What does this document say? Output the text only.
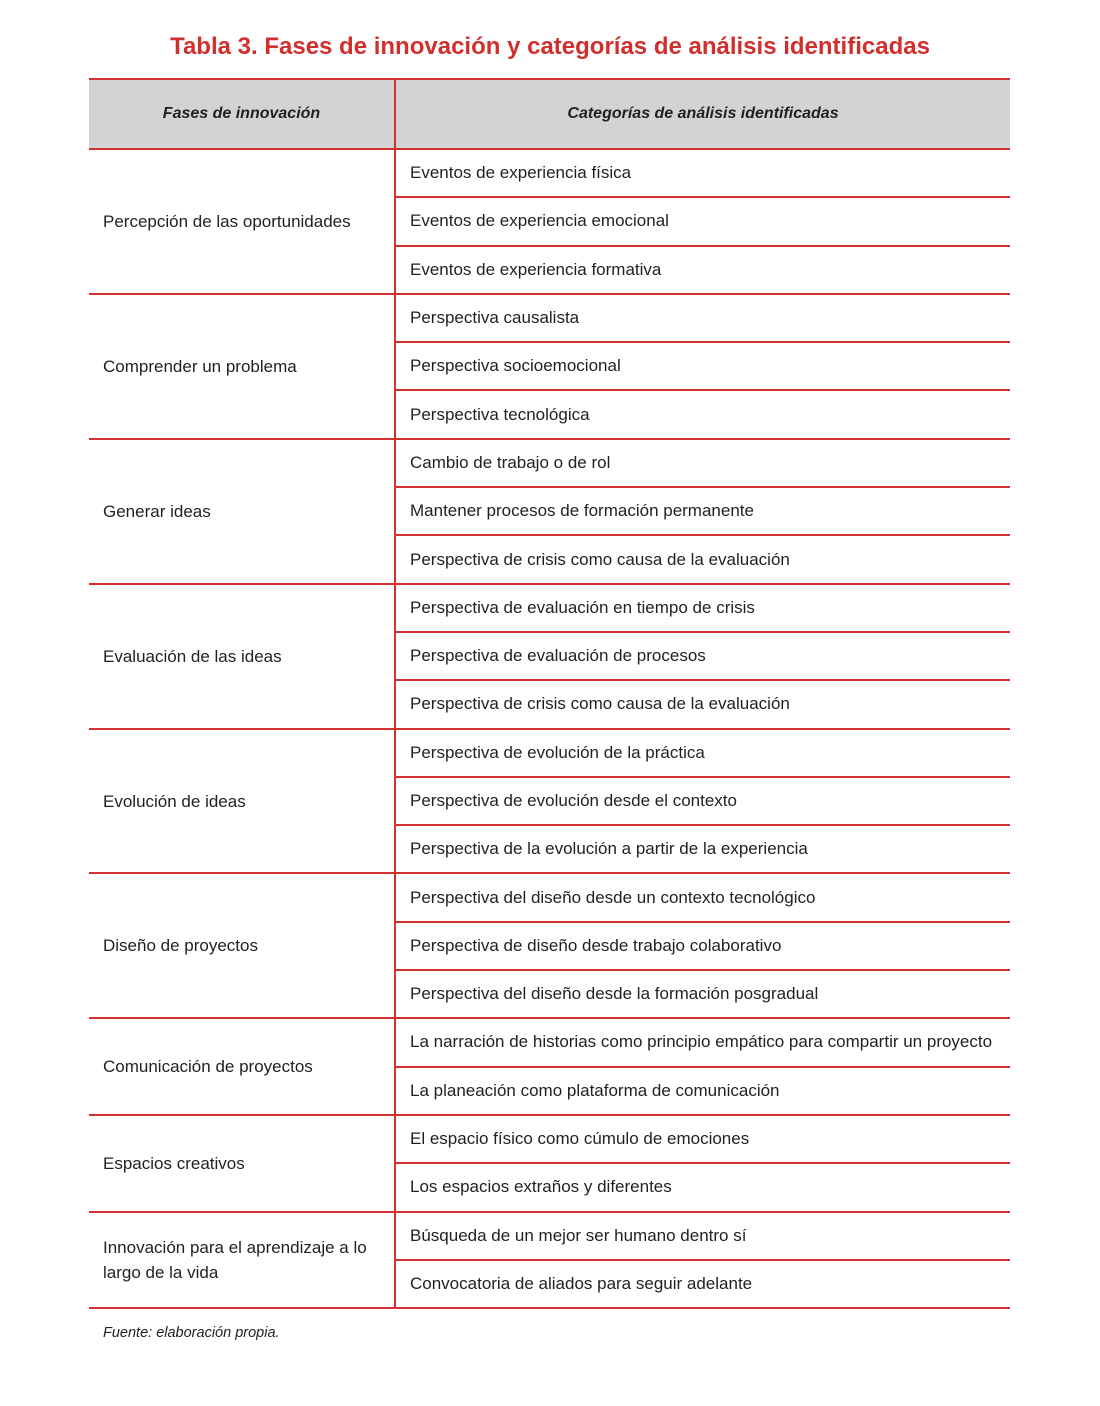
Tabla 3. Fases de innovación y categorías de análisis identificadas
Fases de innovación	Categorías de análisis identificadas
Percepción de las oportunidades
Eventos de experiencia física
Eventos de experiencia emocional
Eventos de experiencia formativa
Comprender un problema
Perspectiva causalista
Perspectiva socioemocional
Perspectiva tecnológica
Generar ideas
Cambio de trabajo o de rol
Mantener procesos de formación permanente
Perspectiva de crisis como causa de la evaluación
Evaluación de las ideas
Perspectiva de evaluación en tiempo de crisis
Perspectiva de evaluación de procesos
Perspectiva de crisis como causa de la evaluación
Evolución de ideas
Perspectiva de evolución de la práctica
Perspectiva de evolución desde el contexto
Perspectiva de la evolución a partir de la experiencia
Diseño de proyectos
Perspectiva del diseño desde un contexto tecnológico
Perspectiva de diseño desde trabajo colaborativo
Perspectiva del diseño desde la formación posgradual
Comunicación de proyectos
La narración de historias como principio empático para compartir un proyecto
La planeación como plataforma de comunicación
Espacios creativos
El espacio físico como cúmulo de emociones
Los espacios extraños y diferentes
Innovación para el aprendizaje a lo largo de la vida
Búsqueda de un mejor ser humano dentro sí
Convocatoria de aliados para seguir adelante
Fuente: elaboración propia.
